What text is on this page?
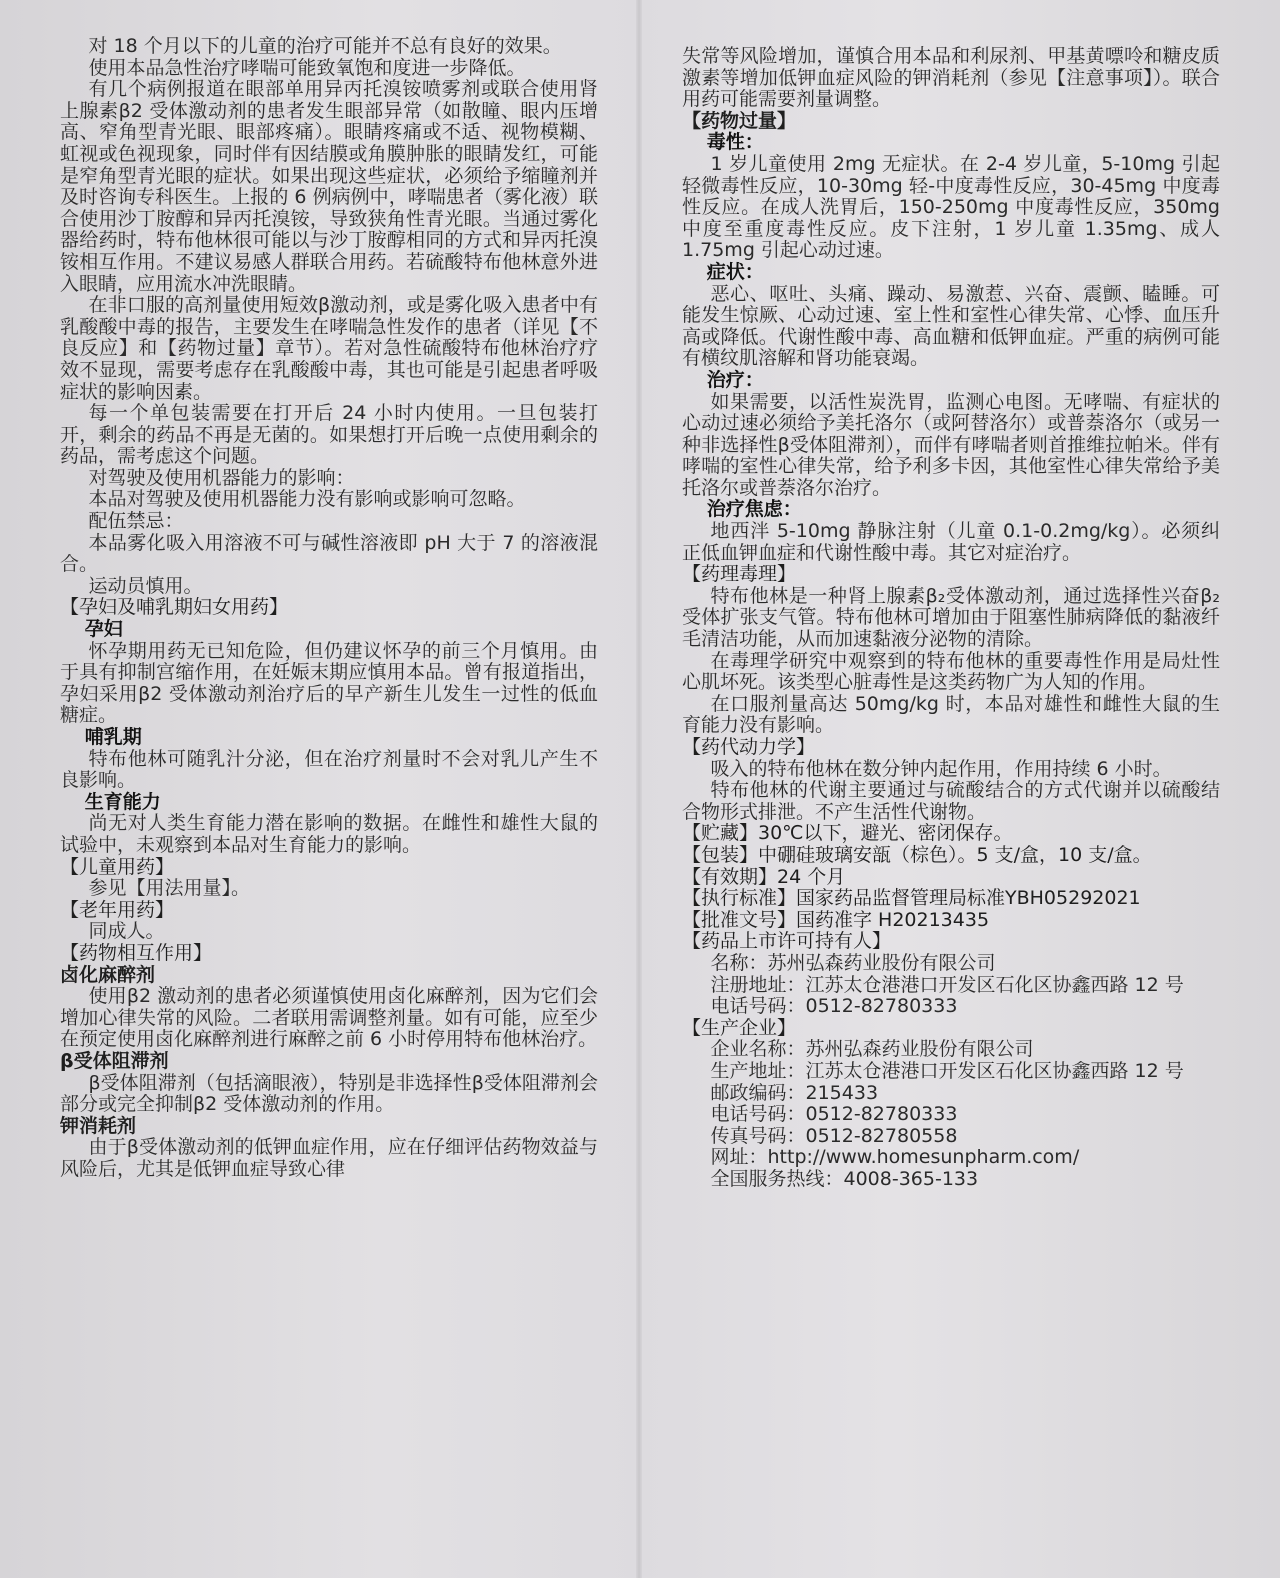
对 18 个月以下的儿童的治疗可能并不总有良好的效果。

使用本品急性治疗哮喘可能致氧饱和度进一步降低。

有几个病例报道在眼部单用异丙托溴铵喷雾剂或联合使用肾上腺素β2 受体激动剂的患者发生眼部异常（如散瞳、眼内压增高、窄角型青光眼、眼部疼痛）。眼睛疼痛或不适、视物模糊、虹视或色视现象，同时伴有因结膜或角膜肿胀的眼睛发红，可能是窄角型青光眼的症状。如果出现这些症状，必须给予缩瞳剂并及时咨询专科医生。上报的 6 例病例中，哮喘患者（雾化液）联合使用沙丁胺醇和异丙托溴铵，导致狭角性青光眼。当通过雾化器给药时，特布他林很可能以与沙丁胺醇相同的方式和异丙托溴铵相互作用。不建议易感人群联合用药。若硫酸特布他林意外进入眼睛，应用流水冲洗眼睛。

在非口服的高剂量使用短效β激动剂，或是雾化吸入患者中有乳酸酸中毒的报告，主要发生在哮喘急性发作的患者（详见【不良反应】和【药物过量】章节）。若对急性硫酸特布他林治疗疗效不显现，需要考虑存在乳酸酸中毒，其也可能是引起患者呼吸症状的影响因素。

每一个单包装需要在打开后 24 小时内使用。一旦包装打开，剩余的药品不再是无菌的。如果想打开后晚一点使用剩余的药品，需考虑这个问题。

对驾驶及使用机器能力的影响：

本品对驾驶及使用机器能力没有影响或影响可忽略。

配伍禁忌：

本品雾化吸入用溶液不可与碱性溶液即 pH 大于 7 的溶液混合。

运动员慎用。

【孕妇及哺乳期妇女用药】
孕妇

怀孕期用药无已知危险，但仍建议怀孕的前三个月慎用。由于具有抑制宫缩作用，在妊娠末期应慎用本品。曾有报道指出，孕妇采用β2 受体激动剂治疗后的早产新生儿发生一过性的低血糖症。

哺乳期

特布他林可随乳汁分泌，但在治疗剂量时不会对乳儿产生不良影响。

生育能力

尚无对人类生育能力潜在影响的数据。在雌性和雄性大鼠的试验中，未观察到本品对生育能力的影响。

【儿童用药】

参见【用法用量】。

【老年用药】

同成人。

【药物相互作用】
卤化麻醉剂

使用β2 激动剂的患者必须谨慎使用卤化麻醉剂，因为它们会增加心律失常的风险。二者联用需调整剂量。如有可能，应至少在预定使用卤化麻醉剂进行麻醉之前 6 小时停用特布他林治疗。

β受体阻滞剂

β受体阻滞剂（包括滴眼液），特别是非选择性β受体阻滞剂会部分或完全抑制β2 受体激动剂的作用。

钾消耗剂

由于β受体激动剂的低钾血症作用，应在仔细评估药物效益与风险后，尤其是低钾血症导致心律

失常等风险增加，谨慎合用本品和利尿剂、甲基黄嘌呤和糖皮质激素等增加低钾血症风险的钾消耗剂（参见【注意事项】）。联合用药可能需要剂量调整。

【药物过量】
毒性：

1 岁儿童使用 2mg 无症状。在 2-4 岁儿童，5-10mg 引起轻微毒性反应，10-30mg 轻-中度毒性反应，30-45mg 中度毒性反应。在成人洗胃后，150-250mg 中度毒性反应，350mg 中度至重度毒性反应。皮下注射，1 岁儿童 1.35mg、成人 1.75mg 引起心动过速。

症状：

恶心、呕吐、头痛、躁动、易激惹、兴奋、震颤、瞌睡。可能发生惊厥、心动过速、室上性和室性心律失常、心悸、血压升高或降低。代谢性酸中毒、高血糖和低钾血症。严重的病例可能有横纹肌溶解和肾功能衰竭。

治疗：

如果需要，以活性炭洗胃，监测心电图。无哮喘、有症状的心动过速必须给予美托洛尔（或阿替洛尔）或普萘洛尔（或另一种非选择性β受体阻滞剂），而伴有哮喘者则首推维拉帕米。伴有哮喘的室性心律失常，给予利多卡因，其他室性心律失常给予美托洛尔或普萘洛尔治疗。

治疗焦虑：

地西泮 5-10mg 静脉注射（儿童 0.1-0.2mg/kg）。必须纠正低血钾血症和代谢性酸中毒。其它对症治疗。

【药理毒理】

特布他林是一种肾上腺素β₂受体激动剂，通过选择性兴奋β₂受体扩张支气管。特布他林可增加由于阻塞性肺病降低的黏液纤毛清洁功能，从而加速黏液分泌物的清除。

在毒理学研究中观察到的特布他林的重要毒性作用是局灶性心肌坏死。该类型心脏毒性是这类药物广为人知的作用。

在口服剂量高达 50mg/kg 时，本品对雄性和雌性大鼠的生育能力没有影响。

【药代动力学】

吸入的特布他林在数分钟内起作用，作用持续 6 小时。

特布他林的代谢主要通过与硫酸结合的方式代谢并以硫酸结合物形式排泄。不产生活性代谢物。

【贮藏】30℃以下，避光、密闭保存。
【包装】中硼硅玻璃安瓿（棕色）。5 支/盒，10 支/盒。
【有效期】24 个月
【执行标准】国家药品监督管理局标准YBH05292021
【批准文号】国药准字 H20213435
【药品上市许可持有人】

名称：苏州弘森药业股份有限公司

注册地址：江苏太仓港港口开发区石化区协鑫西路 12 号

电话号码：0512-82780333

【生产企业】

企业名称：苏州弘森药业股份有限公司

生产地址：江苏太仓港港口开发区石化区协鑫西路 12 号

邮政编码：215433

电话号码：0512-82780333

传真号码：0512-82780558

网址：http://www.homesunpharm.com/

全国服务热线：4008-365-133
